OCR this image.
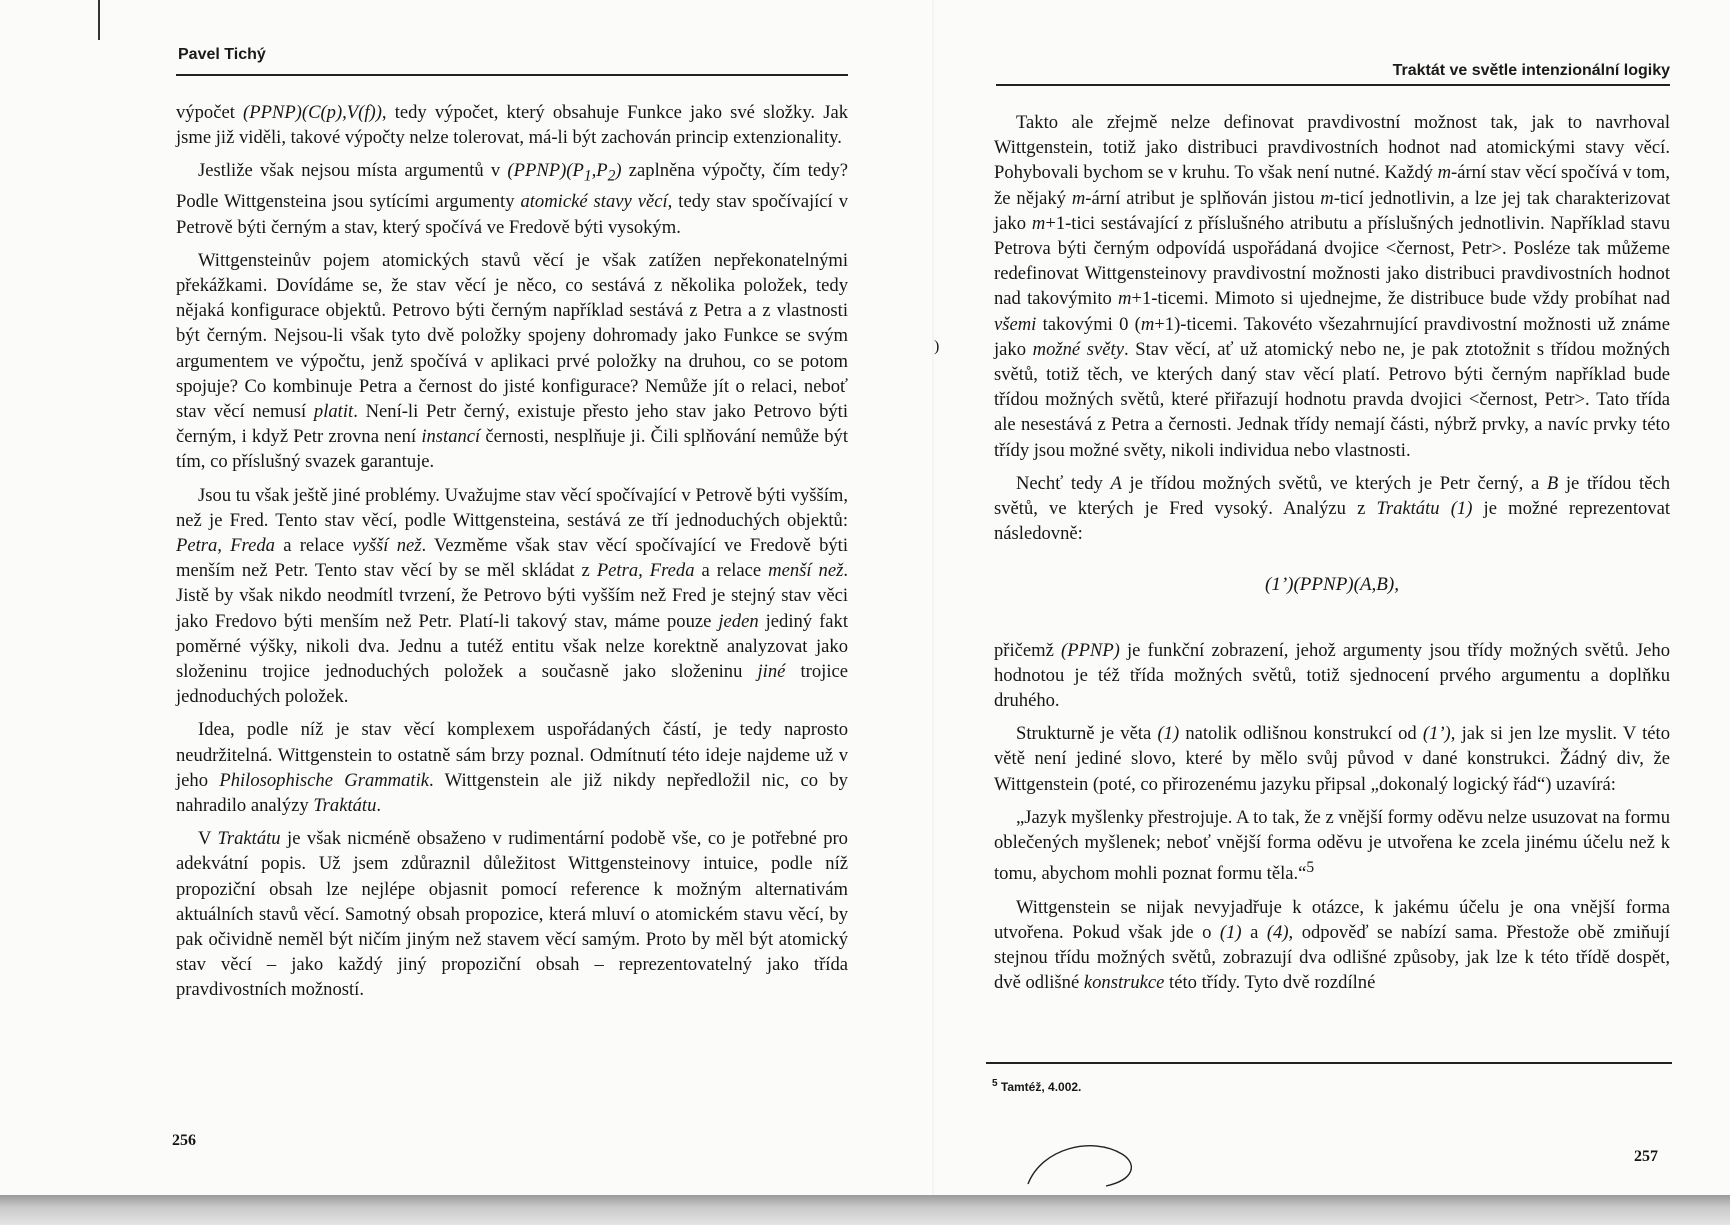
Pavel Tichý

výpočet (PPNP)(C(p),V(f)), tedy výpočet, který obsahuje Funkce jako své složky. Jak jsme již viděli, takové výpočty nelze tolerovat, má-li být zachován princip extenzionality.

Jestliže však nejsou místa argumentů v $(PPNP)(P_1,P_2)$ zaplněna výpočty, čím tedy? Podle Wittgensteina jsou sytícími argumenty atomické stavy věcí, tedy stav spočívající v Petrově býti černým a stav, který spočívá ve Fredově býti vysokým.

Wittgensteinův pojem atomických stavů věcí je však zatížen nepřekonatelnými překážkami. Dovídáme se, že stav věcí je něco, co sestává z několika položek, tedy nějaká konfigurace objektů. Petrovo býti černým například sestává z Petra a z vlastnosti být černým. Nejsou-li však tyto dvě položky spojeny dohromady jako Funkce se svým argumentem ve výpočtu, jenž spočívá v aplikaci prvé položky na druhou, co se potom spojuje? Co kombinuje Petra a černost do jisté konfigurace? Nemůže jít o relaci, neboť stav věcí nemusí platit. Není-li Petr černý, existuje přesto jeho stav jako Petrovo býti černým, i když Petr zrovna není instancí černosti, nesplňuje ji. Čili splňování nemůže být tím, co příslušný svazek garantuje.

Jsou tu však ještě jiné problémy. Uvažujme stav věcí spočívající v Petrově býti vyšším, než je Fred. Tento stav věcí, podle Wittgensteina, sestává ze tří jednoduchých objektů: Petra, Freda a relace vyšší než. Vezměme však stav věcí spočívající ve Fredově býti menším než Petr. Tento stav věcí by se měl skládat z Petra, Freda a relace menší než. Jistě by však nikdo neodmítl tvrzení, že Petrovo býti vyšším než Fred je stejný stav věci jako Fredovo býti menším než Petr. Platí-li takový stav, máme pouze jeden jediný fakt poměrné výšky, nikoli dva. Jednu a tutéž entitu však nelze korektně analyzovat jako složeninu trojice jednoduchých položek a současně jako složeninu jiné trojice jednoduchých položek.

Idea, podle níž je stav věcí komplexem uspořádaných částí, je tedy naprosto neudržitelná. Wittgenstein to ostatně sám brzy poznal. Odmítnutí této ideje najdeme už v jeho Philosophische Grammatik. Wittgenstein ale již nikdy nepředložil nic, co by nahradilo analýzy Traktátu.

V Traktátu je však nicméně obsaženo v rudimentární podobě vše, co je potřebné pro adekvátní popis. Už jsem zdůraznil důležitost Wittgensteinovy intuice, podle níž propoziční obsah lze nejlépe objasnit pomocí reference k možným alternativám aktuálních stavů věcí. Samotný obsah propozice, která mluví o atomickém stavu věcí, by pak očividně neměl být ničím jiným než stavem věcí samým. Proto by měl být atomický stav věcí – jako každý jiný propoziční obsah – reprezentovatelný jako třída pravdivostních možností.

256
)
Traktát ve světle intenzionální logiky

Takto ale zřejmě nelze definovat pravdivostní možnost tak, jak to navrhoval Wittgenstein, totiž jako distribuci pravdivostních hodnot nad atomickými stavy věcí. Pohybovali bychom se v kruhu. To však není nutné. Každý m-ární stav věcí spočívá v tom, že nějaký m-ární atribut je splňován jistou m-ticí jednotlivin, a lze jej tak charakterizovat jako m+1-tici sestávající z příslušného atributu a příslušných jednotlivin. Například stavu Petrova býti černým odpovídá uspořádaná dvojice <černost, Petr>. Posléze tak můžeme redefinovat Wittgensteinovy pravdivostní možnosti jako distribuci pravdivostních hodnot nad takovýmito m+1-ticemi. Mimoto si ujednejme, že distribuce bude vždy probíhat nad všemi takovými 0 (m+1)-ticemi. Takovéto všezahrnující pravdivostní možnosti už známe jako možné světy. Stav věcí, ať už atomický nebo ne, je pak ztotožnit s třídou možných světů, totiž těch, ve kterých daný stav věcí platí. Petrovo býti černým například bude třídou možných světů, které přiřazují hodnotu pravda dvojici <černost, Petr>. Tato třída ale nesestává z Petra a černosti. Jednak třídy nemají části, nýbrž prvky, a navíc prvky této třídy jsou možné světy, nikoli individua nebo vlastnosti.

Nechť tedy A je třídou možných světů, ve kterých je Petr černý, a B je třídou těch světů, ve kterých je Fred vysoký. Analýzu z Traktátu (1) je možné reprezentovat následovně:

(1’)(PPNP)(A,B),

přičemž (PPNP) je funkční zobrazení, jehož argumenty jsou třídy možných světů. Jeho hodnotou je též třída možných světů, totiž sjednocení prvého argumentu a doplňku druhého.

Strukturně je věta (1) natolik odlišnou konstrukcí od (1’), jak si jen lze myslit. V této větě není jediné slovo, které by mělo svůj původ v dané konstrukci. Žádný div, že Wittgenstein (poté, co přirozenému jazyku připsal „dokonalý logický řád“) uzavírá:

„Jazyk myšlenky přestrojuje. A to tak, že z vnější formy oděvu nelze usuzovat na formu oblečených myšlenek; neboť vnější forma oděvu je utvořena ke zcela jinému účelu než k tomu, abychom mohli poznat formu těla.“$^5$

Wittgenstein se nijak nevyjadřuje k otázce, k jakému účelu je ona vnější forma utvořena. Pokud však jde o (1) a (4), odpověď se nabízí sama. Přestože obě zmiňují stejnou třídu možných světů, zobrazují dva odlišné způsoby, jak lze k této třídě dospět, dvě odlišné konstrukce této třídy. Tyto dvě rozdílné

$^5$ Tamtéž, 4.002.
257
